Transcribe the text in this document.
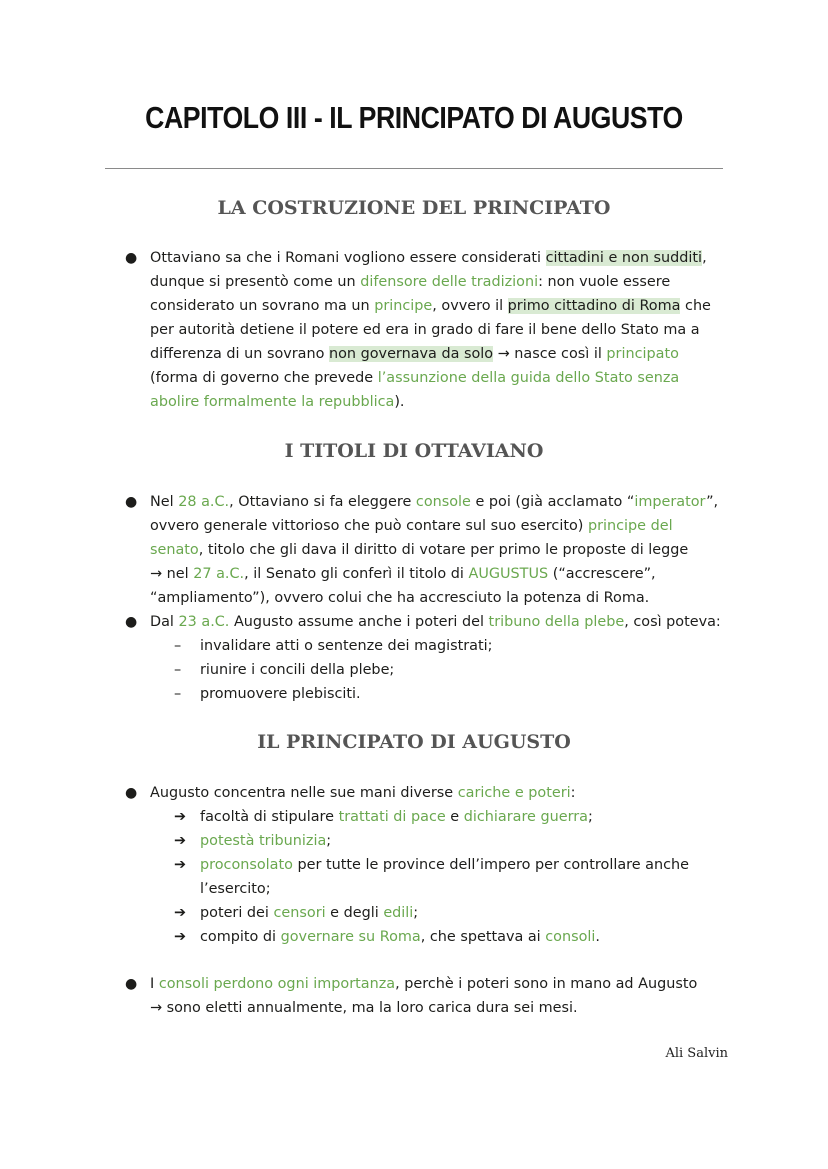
CAPITOLO III - IL PRINCIPATO DI AUGUSTO
LA COSTRUZIONE DEL PRINCIPATO
● Ottaviano sa che i Romani vogliono essere considerati cittadini e non sudditi,
dunque si presentò come un difensore delle tradizioni: non vuole essere
considerato un sovrano ma un principe, ovvero il primo cittadino di Roma che
per autorità detiene il potere ed era in grado di fare il bene dello Stato ma a
differenza di un sovrano non governava da solo → nasce così il principato
(forma di governo che prevede l’assunzione della guida dello Stato senza
abolire formalmente la repubblica).
I TITOLI DI OTTAVIANO
● Nel 28 a.C., Ottaviano si fa eleggere console e poi (già acclamato “imperator”,
ovvero generale vittorioso che può contare sul suo esercito) principe del
senato, titolo che gli dava il diritto di votare per primo le proposte di legge
→ nel 27 a.C., il Senato gli conferì il titolo di AUGUSTUS (“accrescere”,
“ampliamento”), ovvero colui che ha accresciuto la potenza di Roma.
● Dal 23 a.C. Augusto assume anche i poteri del tribuno della plebe, così poteva:
– invalidare atti o sentenze dei magistrati;
– riunire i concili della plebe;
– promuovere plebisciti.
IL PRINCIPATO DI AUGUSTO
● Augusto concentra nelle sue mani diverse cariche e poteri:
➔ facoltà di stipulare trattati di pace e dichiarare guerra;
➔ potestà tribunizia;
➔ proconsolato per tutte le province dell’impero per controllare anche
l’esercito;
➔ poteri dei censori e degli edili;
➔ compito di governare su Roma, che spettava ai consoli.
● I consoli perdono ogni importanza, perchè i poteri sono in mano ad Augusto
→ sono eletti annualmente, ma la loro carica dura sei mesi.
Ali Salvin
